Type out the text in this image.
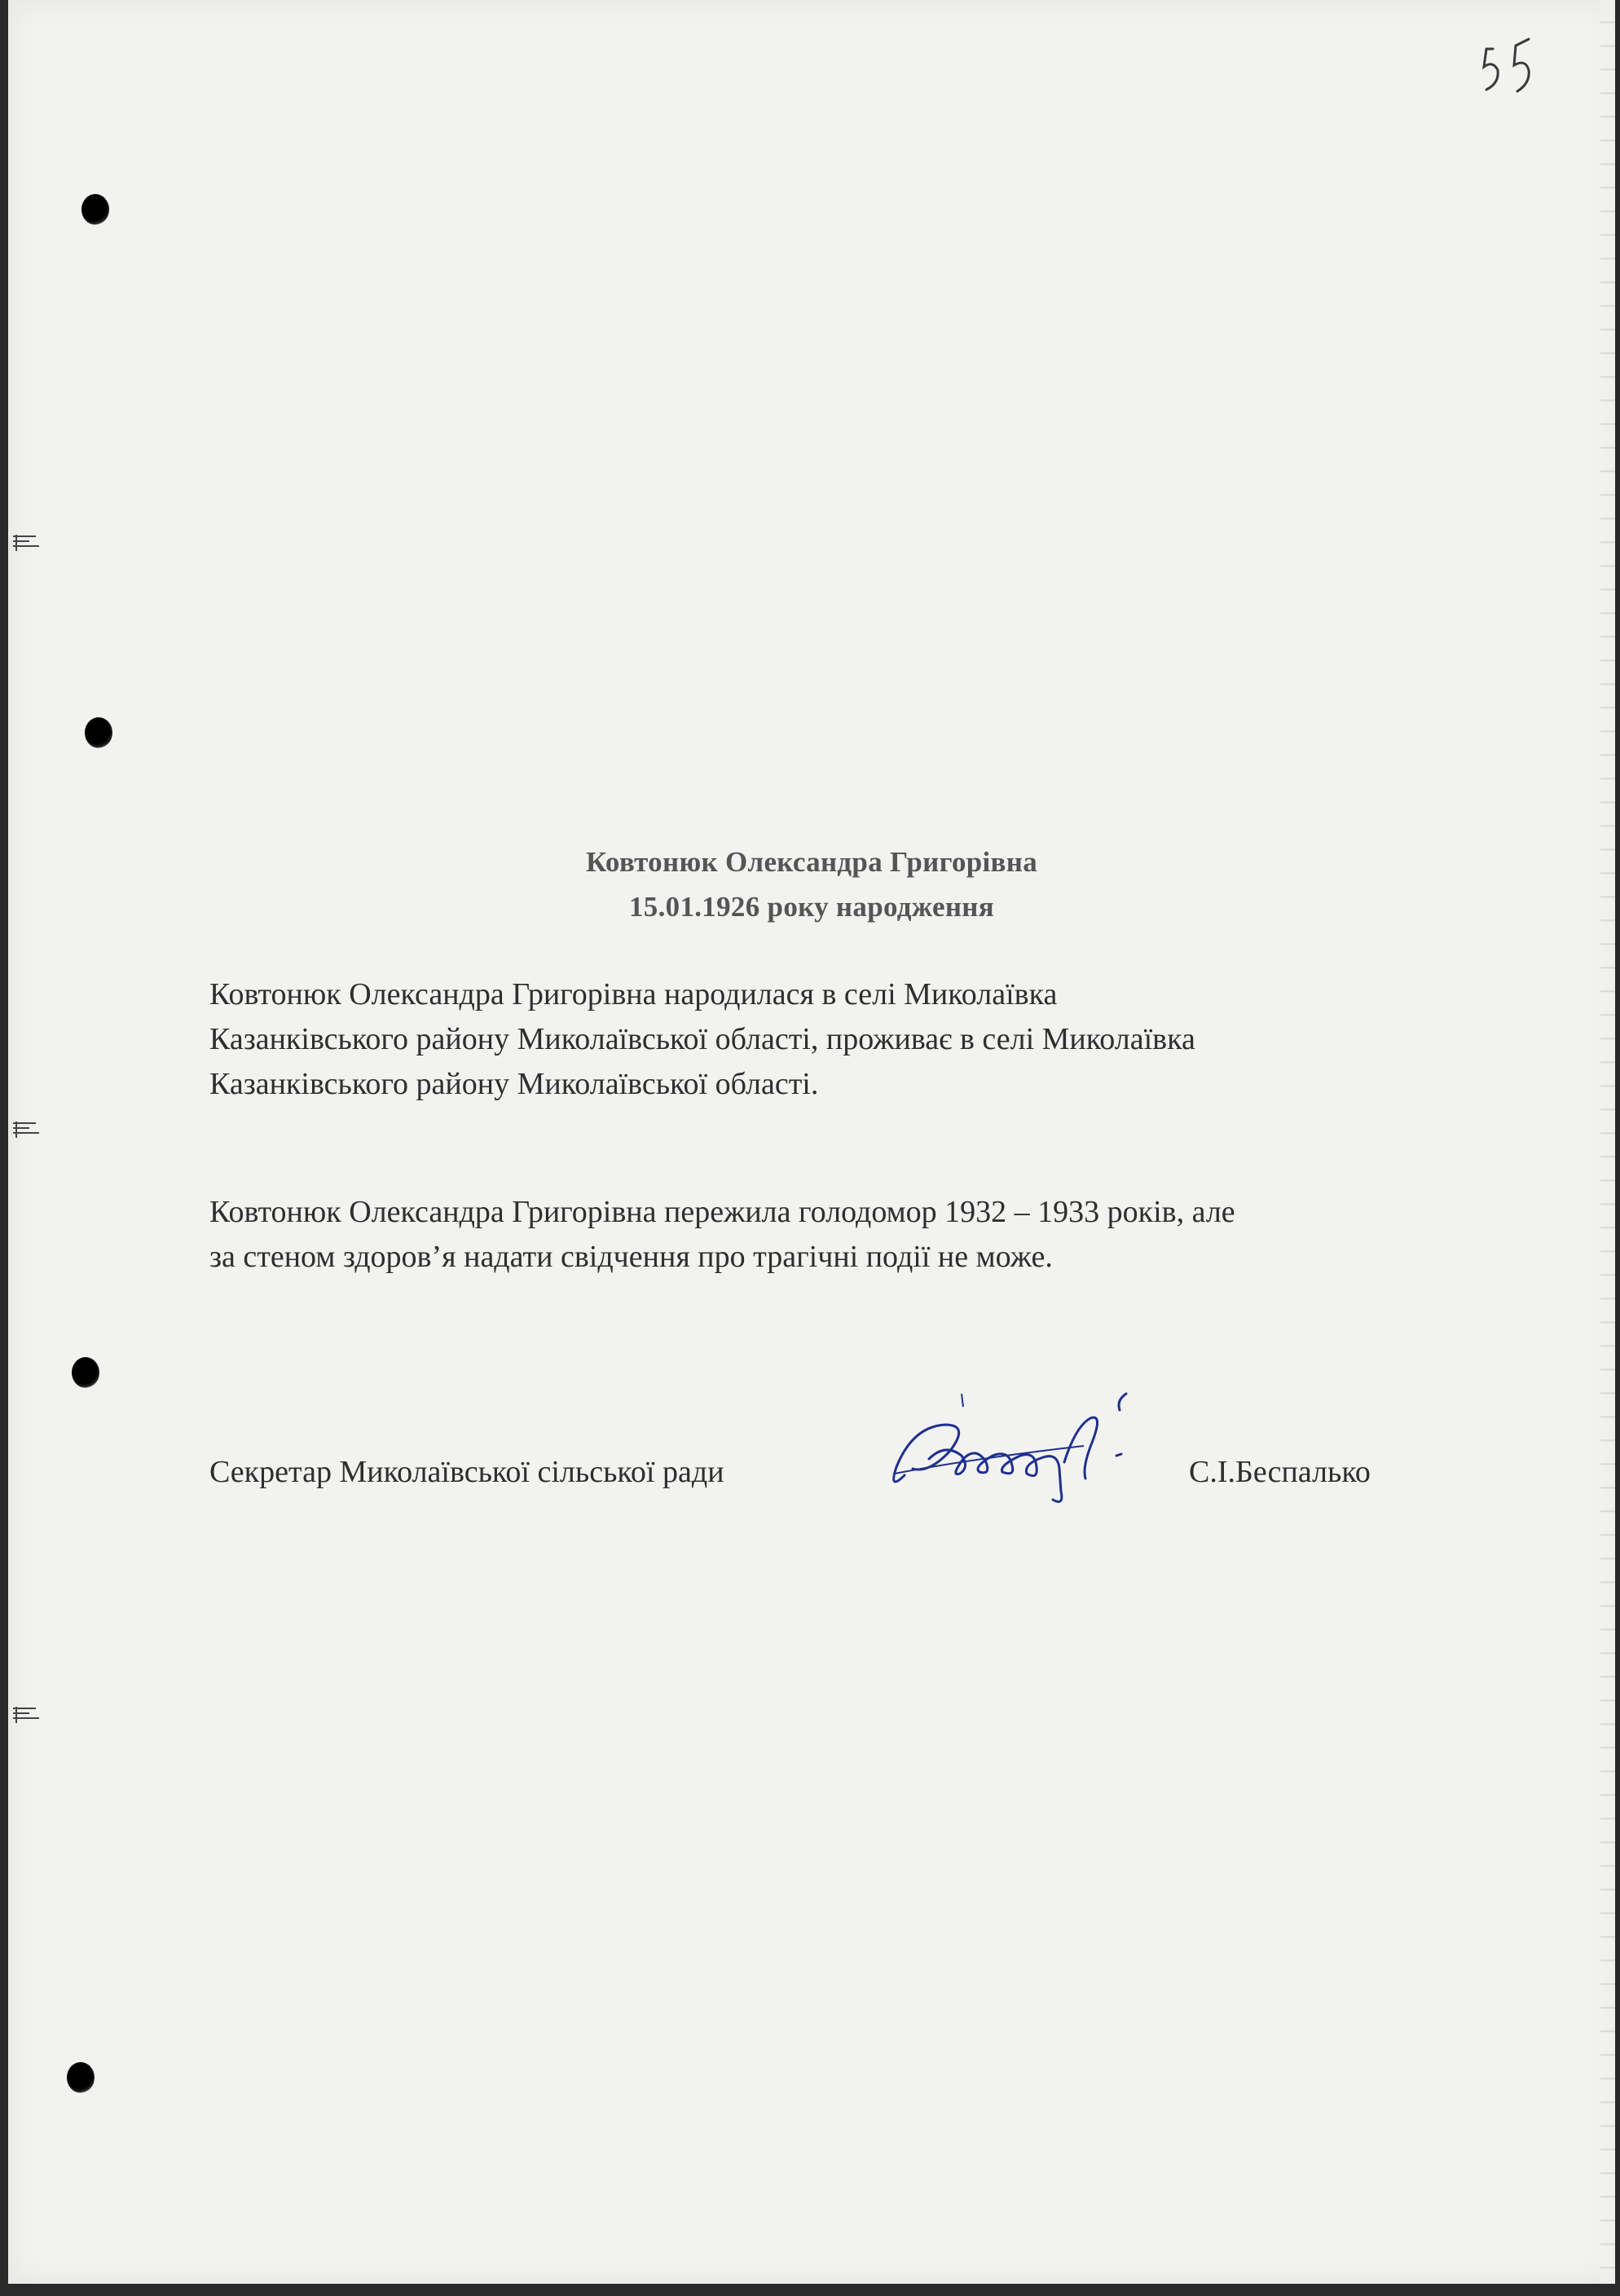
Ковтонюк Олександра Григорівна
15.01.1926 року народження
Ковтонюк Олександра Григорівна народилася в селі Миколаївка
Казанківського району Миколаївської області, проживає в селі Миколаївка
Казанківського району Миколаївської області.
Ковтонюк Олександра Григорівна пережила голодомор 1932 – 1933 років, але
за стеном здоров’я надати свідчення про трагічні події не може.
Секретар Миколаївської сільської ради	С.І.Беспалько
